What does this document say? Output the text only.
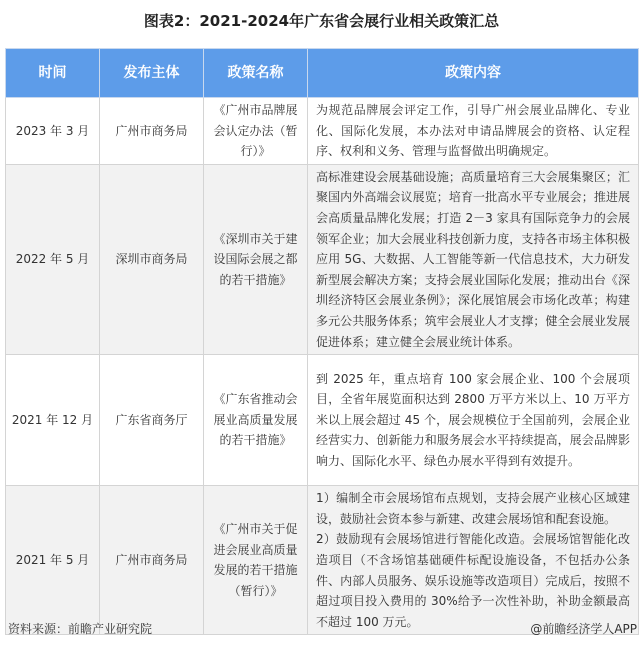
图表2：2021-2024年广东省会展行业相关政策汇总
时间	发布主体	政策名称	政策内容
2023 年 3 月	广州市商务局	《广州市品牌展会认定办法（暂行）》	为规范品牌展会评定工作，引导广州会展业品牌化、专业化、国际化发展，本办法对申请品牌展会的资格、认定程序、权利和义务、管理与监督做出明确规定。
2022 年 5 月	深圳市商务局	《深圳市关于建设国际会展之都的若干措施》	高标准建设会展基础设施；高质量培育三大会展集聚区；汇聚国内外高端会议展览；培育一批高水平专业展会；推进展会高质量品牌化发展；打造 2－3 家具有国际竞争力的会展领军企业；加大会展业科技创新力度，支持各市场主体积极应用 5G、大数据、人工智能等新一代信息技术，大力研发新型展会解决方案；支持会展业国际化发展；推动出台《深圳经济特区会展业条例》；深化展馆展会市场化改革；构建多元公共服务体系；筑牢会展业人才支撑；健全会展业发展促进体系；建立健全会展业统计体系。
2021 年 12 月	广东省商务厅	《广东省推动会展业高质量发展的若干措施》	到 2025 年，重点培育 100 家会展企业、100 个会展项目，全省年展览面积达到 2800 万平方米以上、10 万平方米以上展会超过 45 个，展会规模位于全国前列，会展企业经营实力、创新能力和服务展会水平持续提高，展会品牌影响力、国际化水平、绿色办展水平得到有效提升。
2021 年 5 月	广州市商务局	《广州市关于促进会展业高质量发展的若干措施（暂行）》	1）编制全市会展场馆布点规划，支持会展产业核心区域建设，鼓励社会资本参与新建、改建会展场馆和配套设施。
2）鼓励现有会展场馆进行智能化改造。会展场馆智能化改造项目（不含场馆基础硬件标配设施设备，不包括办公条件、内部人员服务、娱乐设施等改造项目）完成后，按照不超过项目投入费用的 30%给予一次性补助，补助金额最高不超过 100 万元。
资料来源：前瞻产业研究院	@前瞻经济学人APP
